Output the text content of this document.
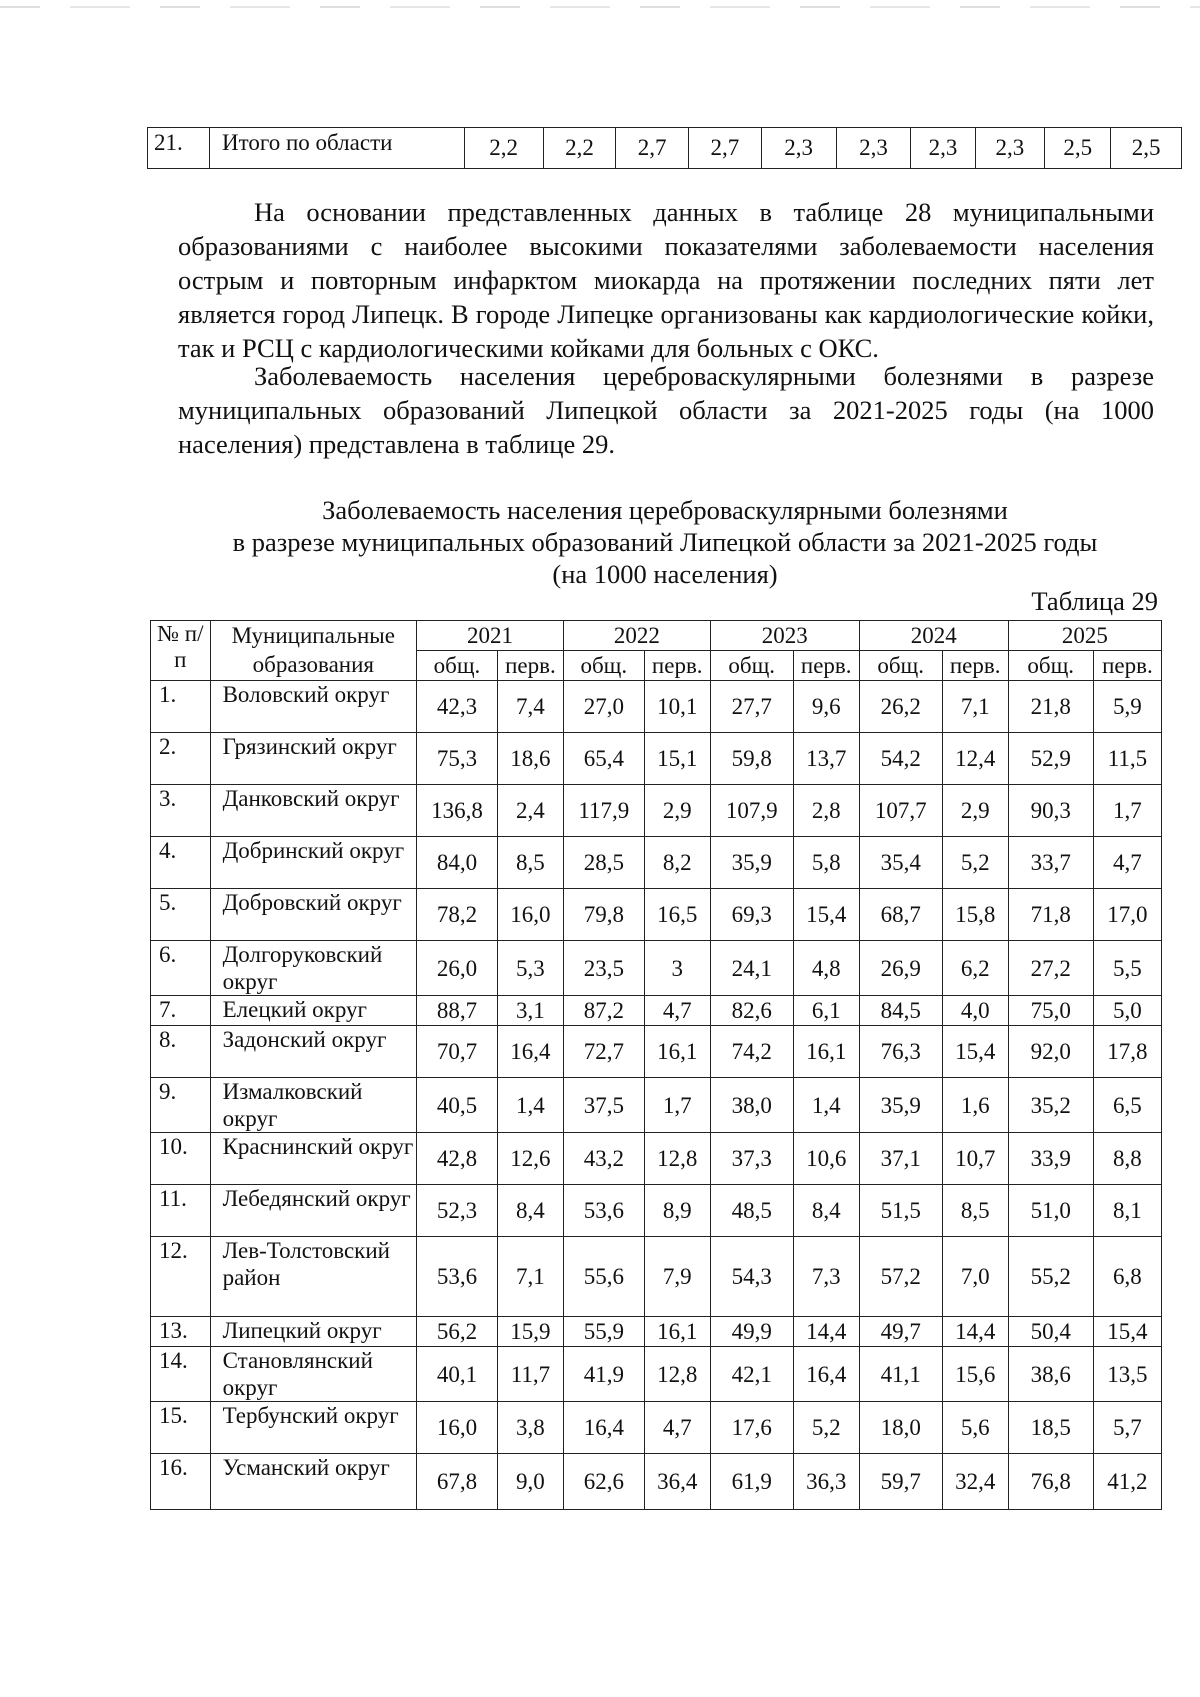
21.	Итого по области	2,2	2,2	2,7	2,7	2,3	2,3	2,3	2,3	2,5	2,5

На основании представленных данных в таблице 28 муниципальными образованиями с наиболее высокими показателями заболеваемости населения острым и повторным инфарктом миокарда на протяжении последних пяти лет является город Липецк. В городе Липецке организованы как кардиологические койки, так и РСЦ с кардиологическими койками для больных с ОКС.

Заболеваемость населения цереброваскулярными болезнями в разрезе муниципальных образований Липецкой области за 2021-2025 годы (на 1000 населения) представлена в таблице 29.

Заболеваемость населения цереброваскулярными болезнями
в разрезе муниципальных образований Липецкой области за 2021-2025 годы
(на 1000 населения)
Таблица 29
№ п/п	Муниципальные образования	2021		2022		2023		2024		2025	
		общ.	перв.	общ.	перв.	общ.	перв.	общ.	перв.	общ.	перв.
1.	Воловский округ	42,3	7,4	27,0	10,1	27,7	9,6	26,2	7,1	21,8	5,9
2.	Грязинский округ	75,3	18,6	65,4	15,1	59,8	13,7	54,2	12,4	52,9	11,5
3.	Данковский округ	136,8	2,4	117,9	2,9	107,9	2,8	107,7	2,9	90,3	1,7
4.	Добринский округ	84,0	8,5	28,5	8,2	35,9	5,8	35,4	5,2	33,7	4,7
5.	Добровский округ	78,2	16,0	79,8	16,5	69,3	15,4	68,7	15,8	71,8	17,0
6.	Долгоруковский округ	26,0	5,3	23,5	3	24,1	4,8	26,9	6,2	27,2	5,5
7.	Елецкий округ	88,7	3,1	87,2	4,7	82,6	6,1	84,5	4,0	75,0	5,0
8.	Задонский округ	70,7	16,4	72,7	16,1	74,2	16,1	76,3	15,4	92,0	17,8
9.	Измалковский округ	40,5	1,4	37,5	1,7	38,0	1,4	35,9	1,6	35,2	6,5
10.	Краснинский округ	42,8	12,6	43,2	12,8	37,3	10,6	37,1	10,7	33,9	8,8
11.	Лебедянский округ	52,3	8,4	53,6	8,9	48,5	8,4	51,5	8,5	51,0	8,1
12.	Лев-Толстовский район	53,6	7,1	55,6	7,9	54,3	7,3	57,2	7,0	55,2	6,8
13.	Липецкий округ	56,2	15,9	55,9	16,1	49,9	14,4	49,7	14,4	50,4	15,4
14.	Становлянский округ	40,1	11,7	41,9	12,8	42,1	16,4	41,1	15,6	38,6	13,5
15.	Тербунский округ	16,0	3,8	16,4	4,7	17,6	5,2	18,0	5,6	18,5	5,7
16.	Усманский округ	67,8	9,0	62,6	36,4	61,9	36,3	59,7	32,4	76,8	41,2
